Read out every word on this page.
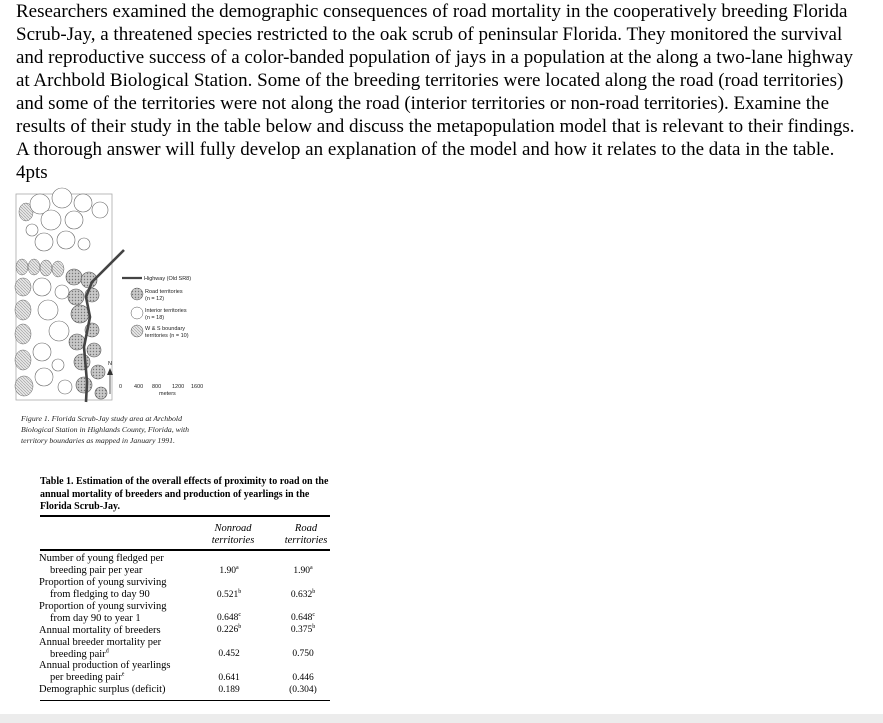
Researchers examined the demographic consequences of road mortality in the cooperatively breeding Florida Scrub-Jay, a threatened species restricted to the oak scrub of peninsular Florida. They monitored the survival and reproductive success of a color-banded population of jays in a population at the along a two-lane highway at Archbold Biological Station. Some of the breeding territories were located along the road (road territories) and some of the territories were not along the road (interior territories or non-road territories). Examine the results of their study in the table below and discuss the metapopulation model that is relevant to their findings. A thorough answer will fully develop an explanation of the model and how it relates to the data in the table. 4pts

Highway (Old SR8)
Road territories
(n = 12)
Interior territories
(n = 18)
W & S boundary
territories (n = 10)
N
0 400 800 1200 1600
meters

Figure 1. Florida Scrub-Jay study area at Archbold Biological Station in Highlands County, Florida, with territory boundaries as mapped in January 1991.

Table 1. Estimation of the overall effects of proximity to road on the annual mortality of breeders and production of yearlings in the Florida Scrub-Jay.

Nonroad
territories
Road
territories
Number of young fledged per
breeding pair per year	1.90$^a$	1.90$^a$
Proportion of young surviving
from fledging to day 90	0.521$^b$	0.632$^b$
Proportion of young surviving
from day 90 to year 1	0.648$^c$	0.648$^c$
Annual mortality of breeders	0.226$^b$	0.375$^b$
Annual breeder mortality per
breeding pair$^d$	0.452	0.750
Annual production of yearlings
per breeding pair$^e$	0.641	0.446
Demographic surplus (deficit)	0.189	(0.304)
